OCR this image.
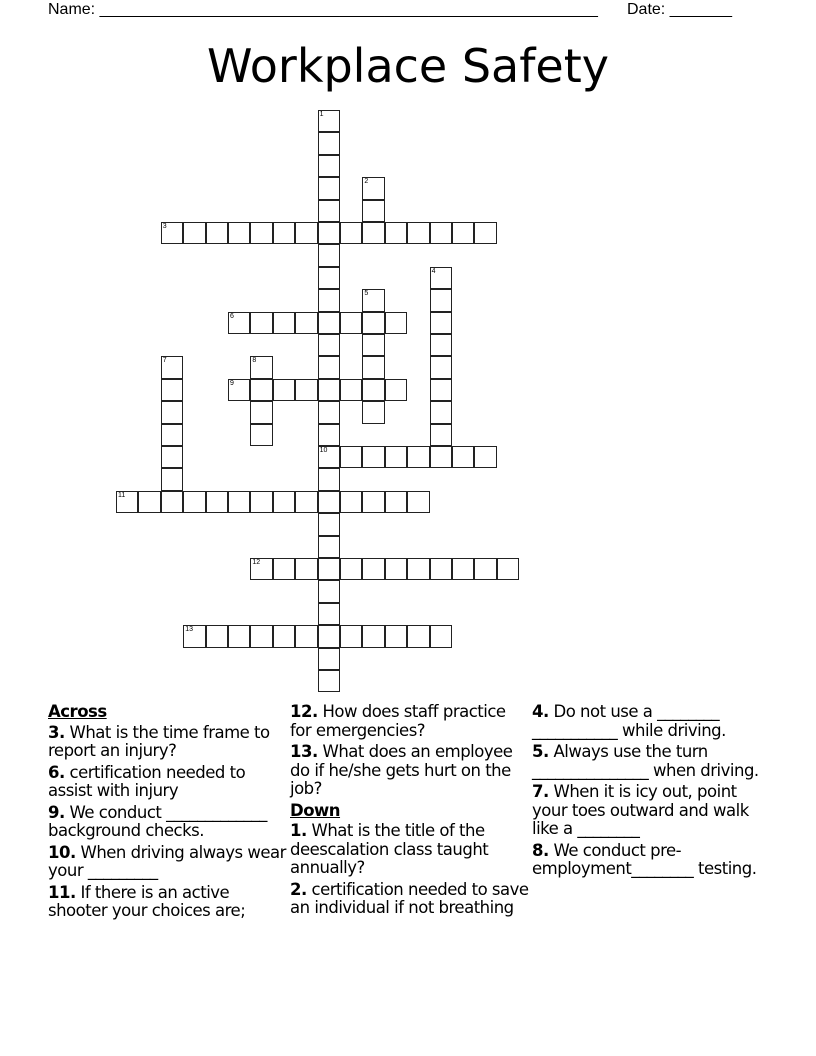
Name: ________________________________________________________ Date: _______
Workplace Safety
1
10
2
3
4
5
6
7	8
9
11
12
13
Across
3. What is the time frame to report an injury?
6. certification needed to assist with injury
9. We conduct _____________ background checks.
10. When driving always wear your _________
11. If there is an active shooter your choices are;
12. How does staff practice for emergencies?
13. What does an employee do if he/she gets hurt on the job?
Down
1. What is the title of the deescalation class taught annually?
2. certification needed to save an individual if not breathing
4. Do not use a ________ ___________ while driving.
5. Always use the turn _______________ when driving.
7. When it is icy out, point your toes outward and walk like a ________
8. We conduct pre-employment________ testing.
